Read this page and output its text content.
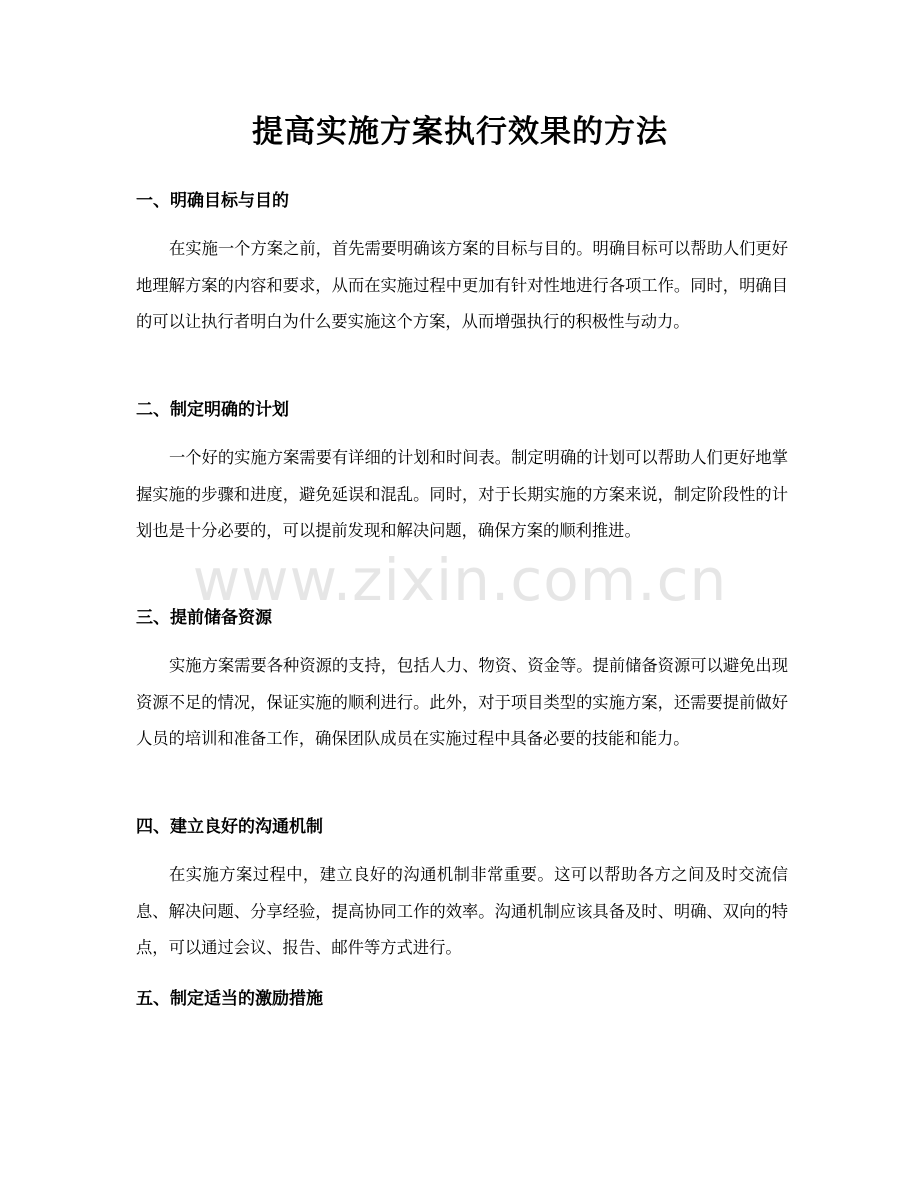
提高实施方案执行效果的方法
一、明确目标与目的
在实施一个方案之前，首先需要明确该方案的目标与目的。明确目标可以帮助人们更好地理解方案的内容和要求，从而在实施过程中更加有针对性地进行各项工作。同时，明确目的可以让执行者明白为什么要实施这个方案，从而增强执行的积极性与动力。
二、制定明确的计划
一个好的实施方案需要有详细的计划和时间表。制定明确的计划可以帮助人们更好地掌握实施的步骤和进度，避免延误和混乱。同时，对于长期实施的方案来说，制定阶段性的计划也是十分必要的，可以提前发现和解决问题，确保方案的顺利推进。
三、提前储备资源
实施方案需要各种资源的支持，包括人力、物资、资金等。提前储备资源可以避免出现资源不足的情况，保证实施的顺利进行。此外，对于项目类型的实施方案，还需要提前做好人员的培训和准备工作，确保团队成员在实施过程中具备必要的技能和能力。
四、建立良好的沟通机制
在实施方案过程中，建立良好的沟通机制非常重要。这可以帮助各方之间及时交流信息、解决问题、分享经验，提高协同工作的效率。沟通机制应该具备及时、明确、双向的特点，可以通过会议、报告、邮件等方式进行。
五、制定适当的激励措施
www.zixin.com.cn
